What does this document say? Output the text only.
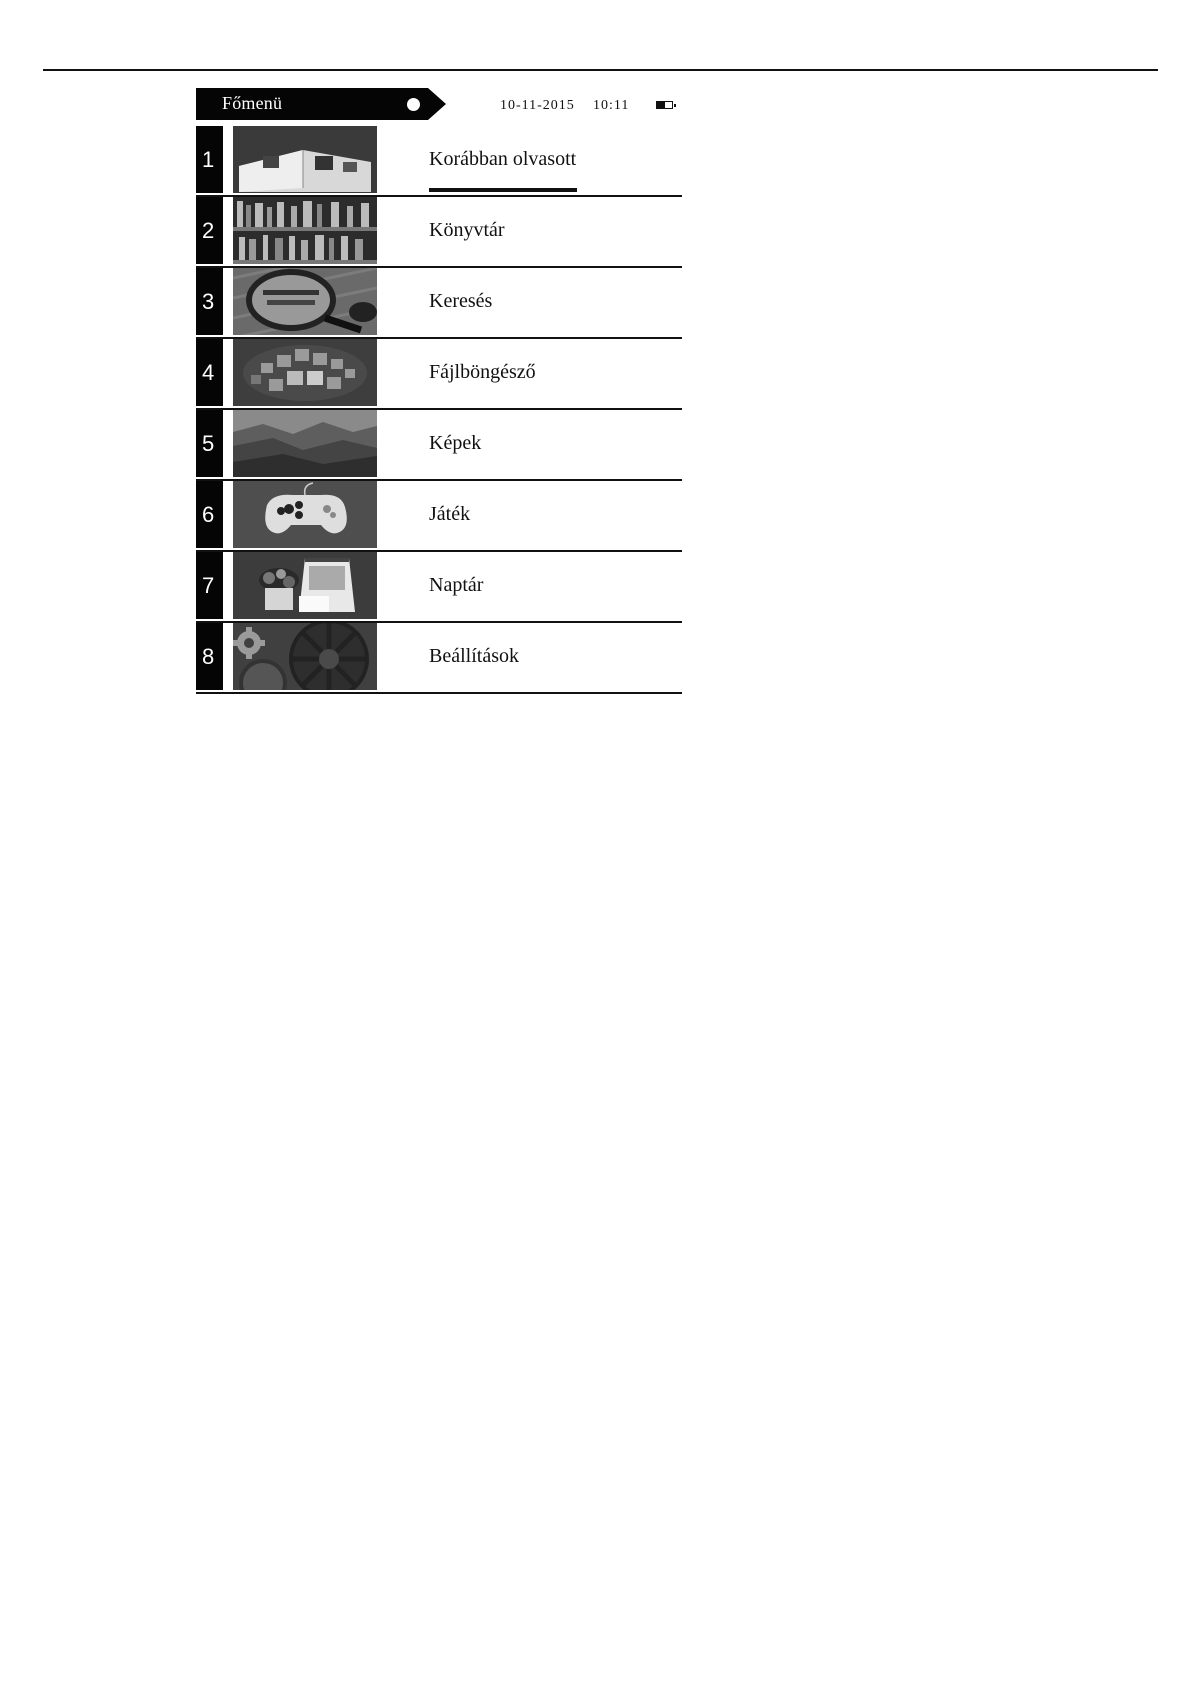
Főmenü	10-11-2015 10:11
1	Korábban olvasott
2	Könyvtár
3	Keresés
4	Fájlböngésző
5	Képek
6	Játék
7	Naptár
8	Beállítások
